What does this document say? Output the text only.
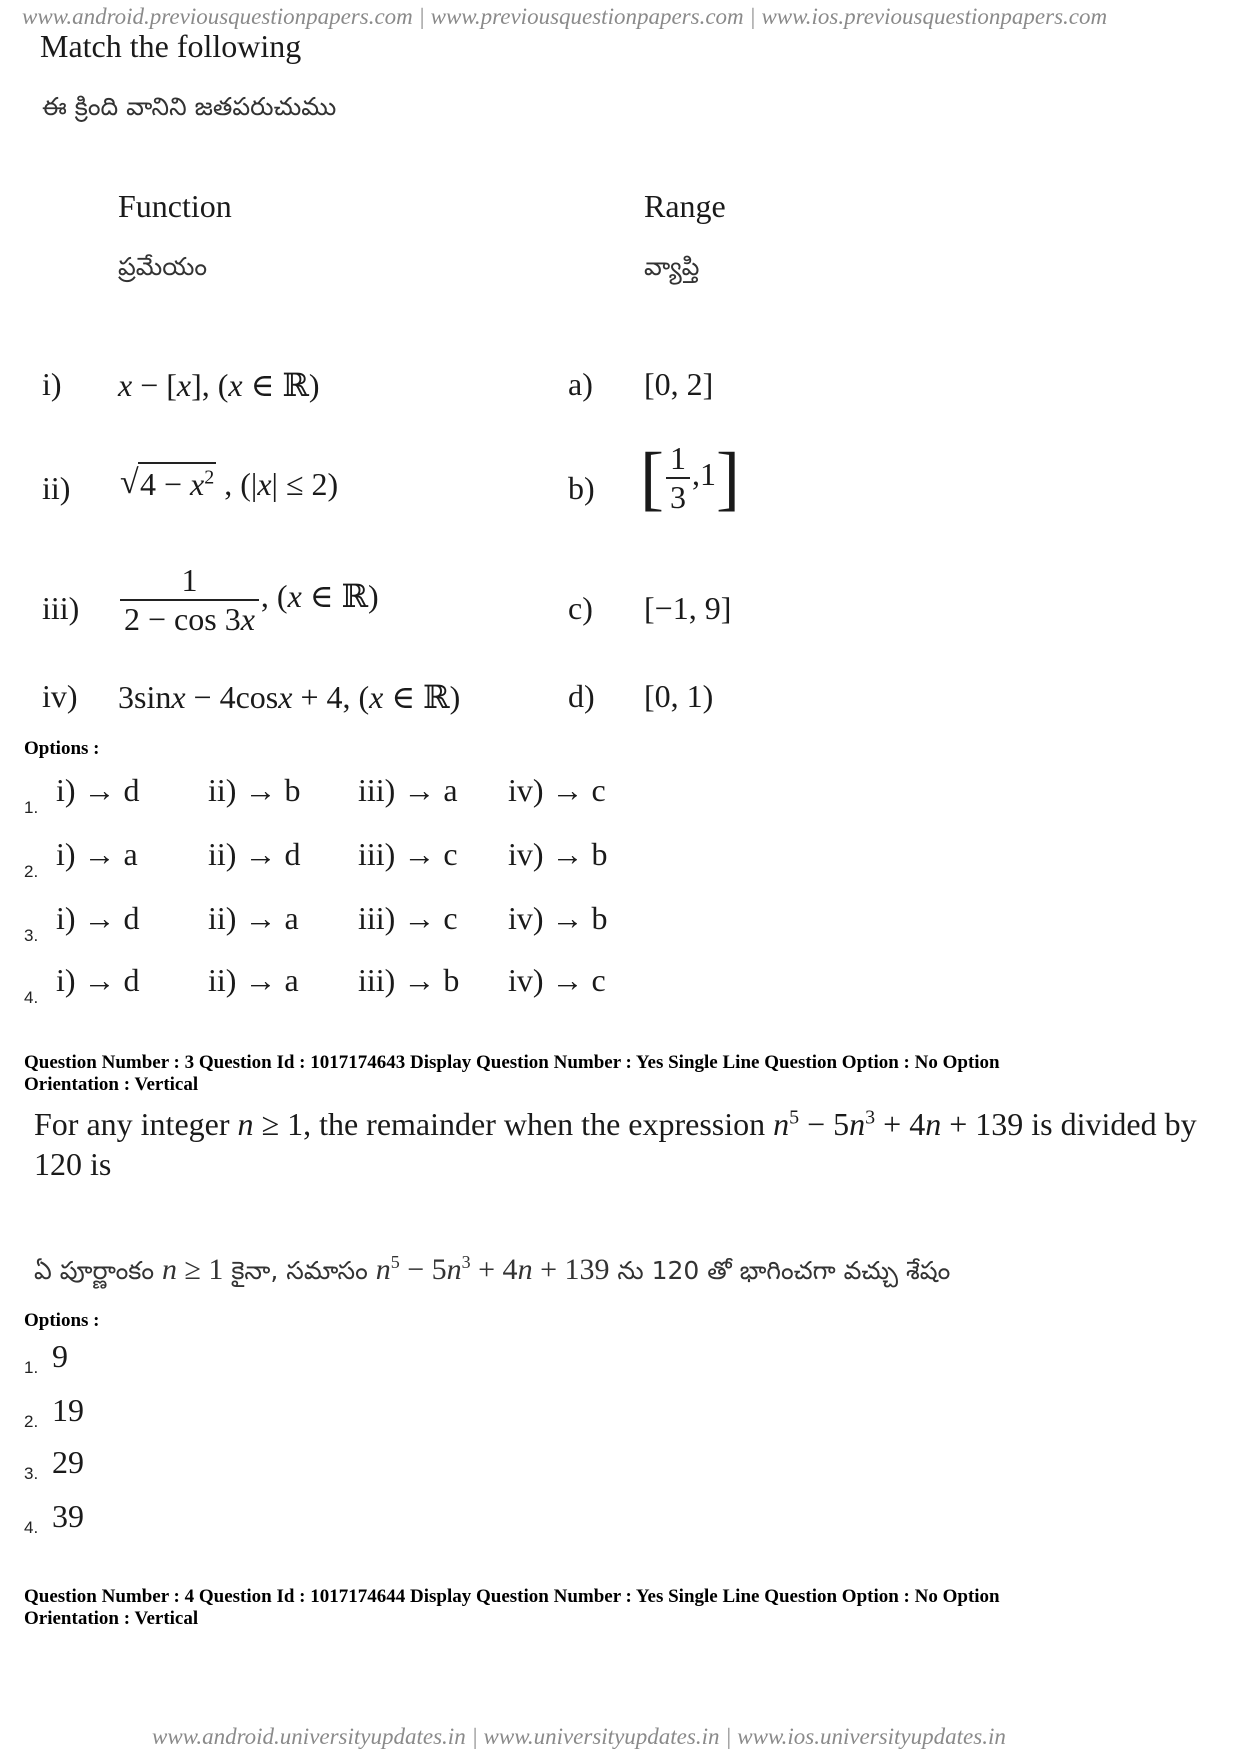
www.android.previousquestionpapers.com | www.previousquestionpapers.com | www.ios.previousquestionpapers.com
www.android.universityupdates.in | www.universityupdates.in | www.ios.universityupdates.in
Match the following
ఈ క్రింది వానిని జతపరుచుము
Function
ప్రమేయం
Range
వ్యాప్తి
i) x − [x], (x ∈ ℝ)	a) [0, 2]
ii) √ $4 - x^2$ , (|x| ≤ 2)	b) [ $\frac{1}{3} ,1$]
$iii) \frac{1}{2 - \cos 3x}$ , (x ∈ ℝ)	c) [−1, 9]
iv) 3sinx − 4cosx + 4, (x ∈ ℝ)	d) [0, 1)
Options :
1. i) → d ii) → b iii) → a iv) → c
2. i) → a ii) → d iii) → c iv) → b
3. i) → d ii) → a iii) → c iv) → b
4. i) → d ii) → a iii) → b iv) → c
Question Number : 3 Question Id : 1017174643 Display Question Number : Yes Single Line Question Option : No Option
Orientation : Vertical
For any integer n ≥ 1, the remainder when the expression $n^5 - 5n^3 + 4n + 139$ is divided by
120 is
ఏ పూర్ణాంకం n ≥ 1 కైనా, సమాసం $n^5 - 5n^3 + 4n + 139$ ను 120 తో భాగించగా వచ్చు శేషం
Options :
1. 9
2. 19
3. 29
4. 39
Question Number : 4 Question Id : 1017174644 Display Question Number : Yes Single Line Question Option : No Option
Orientation : Vertical
